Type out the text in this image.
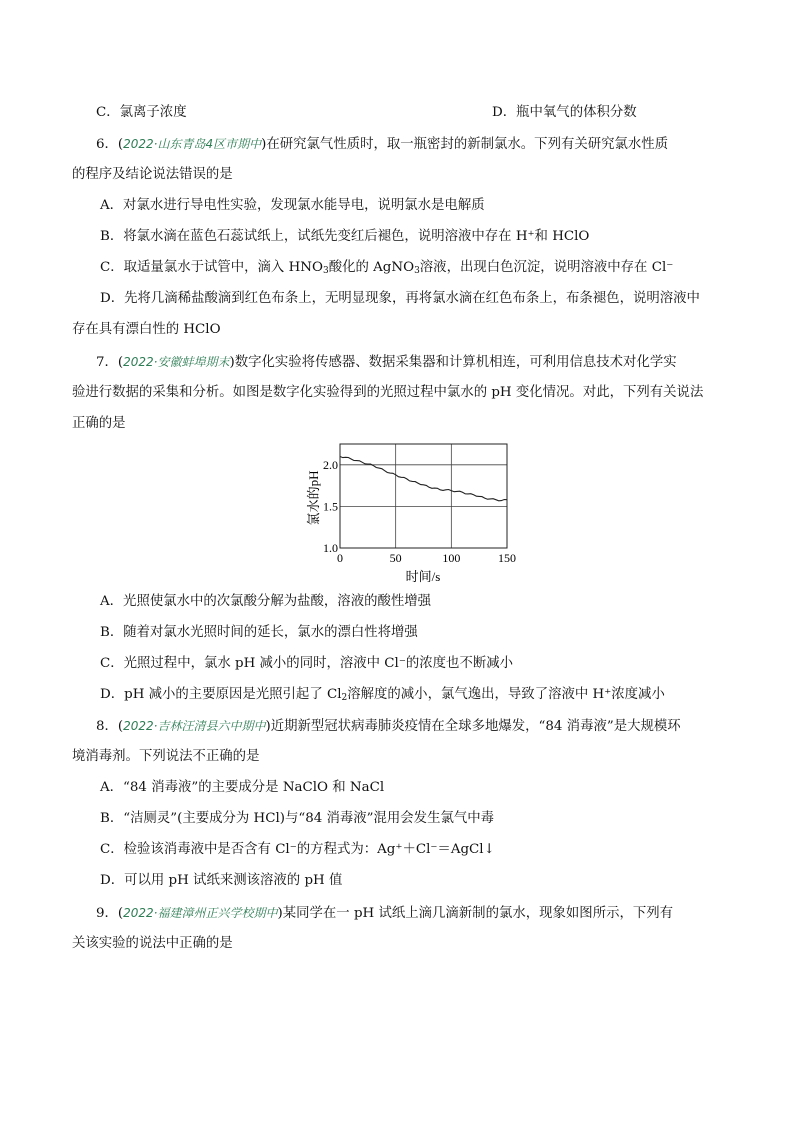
C．氯离子浓度	D．瓶中氧气的体积分数
6．(2022·山东青岛4区市期中)在研究氯气性质时，取一瓶密封的新制氯水。下列有关研究氯水性质
的程序及结论说法错误的是
A．对氯水进行导电性实验，发现氯水能导电，说明氯水是电解质
B．将氯水滴在蓝色石蕊试纸上，试纸先变红后褪色，说明溶液中存在 H⁺和 HClO
C．取适量氯水于试管中，滴入 $HNO_3$酸化的 AgNO$_3$溶液，出现白色沉淀，说明溶液中存在 Cl⁻
D．先将几滴稀盐酸滴到红色布条上，无明显现象，再将氯水滴在红色布条上，布条褪色，说明溶液中
存在具有漂白性的 HClO
7．(2022·安徽蚌埠期末)数字化实验将传感器、数据采集器和计算机相连，可利用信息技术对化学实
验进行数据的采集和分析。如图是数字化实验得到的光照过程中氯水的 pH 变化情况。对此，下列有关说法
正确的是
1.0
1.5
2.0
0	50	100	150
氯水的pH
时间/s
A．光照使氯水中的次氯酸分解为盐酸，溶液的酸性增强
B．随着对氯水光照时间的延长，氯水的漂白性将增强
C．光照过程中，氯水 pH 减小的同时，溶液中 Cl⁻的浓度也不断减小
D．pH 减小的主要原因是光照引起了 $Cl_2$溶解度的减小，氯气逸出，导致了溶液中 H⁺浓度减小
8．(2022·吉林汪清县六中期中)近期新型冠状病毒肺炎疫情在全球多地爆发，“84 消毒液”是大规模环
境消毒剂。下列说法不正确的是
A．“84 消毒液”的主要成分是 NaClO 和 NaCl
B．“洁厕灵”(主要成分为 HCl)与“84 消毒液”混用会发生氯气中毒
C．检验该消毒液中是否含有 Cl⁻的方程式为：Ag⁺＋Cl⁻＝AgCl↓
D．可以用 pH 试纸来测该溶液的 pH 值
9．(2022·福建漳州正兴学校期中)某同学在一 pH 试纸上滴几滴新制的氯水，现象如图所示，下列有
关该实验的说法中正确的是
